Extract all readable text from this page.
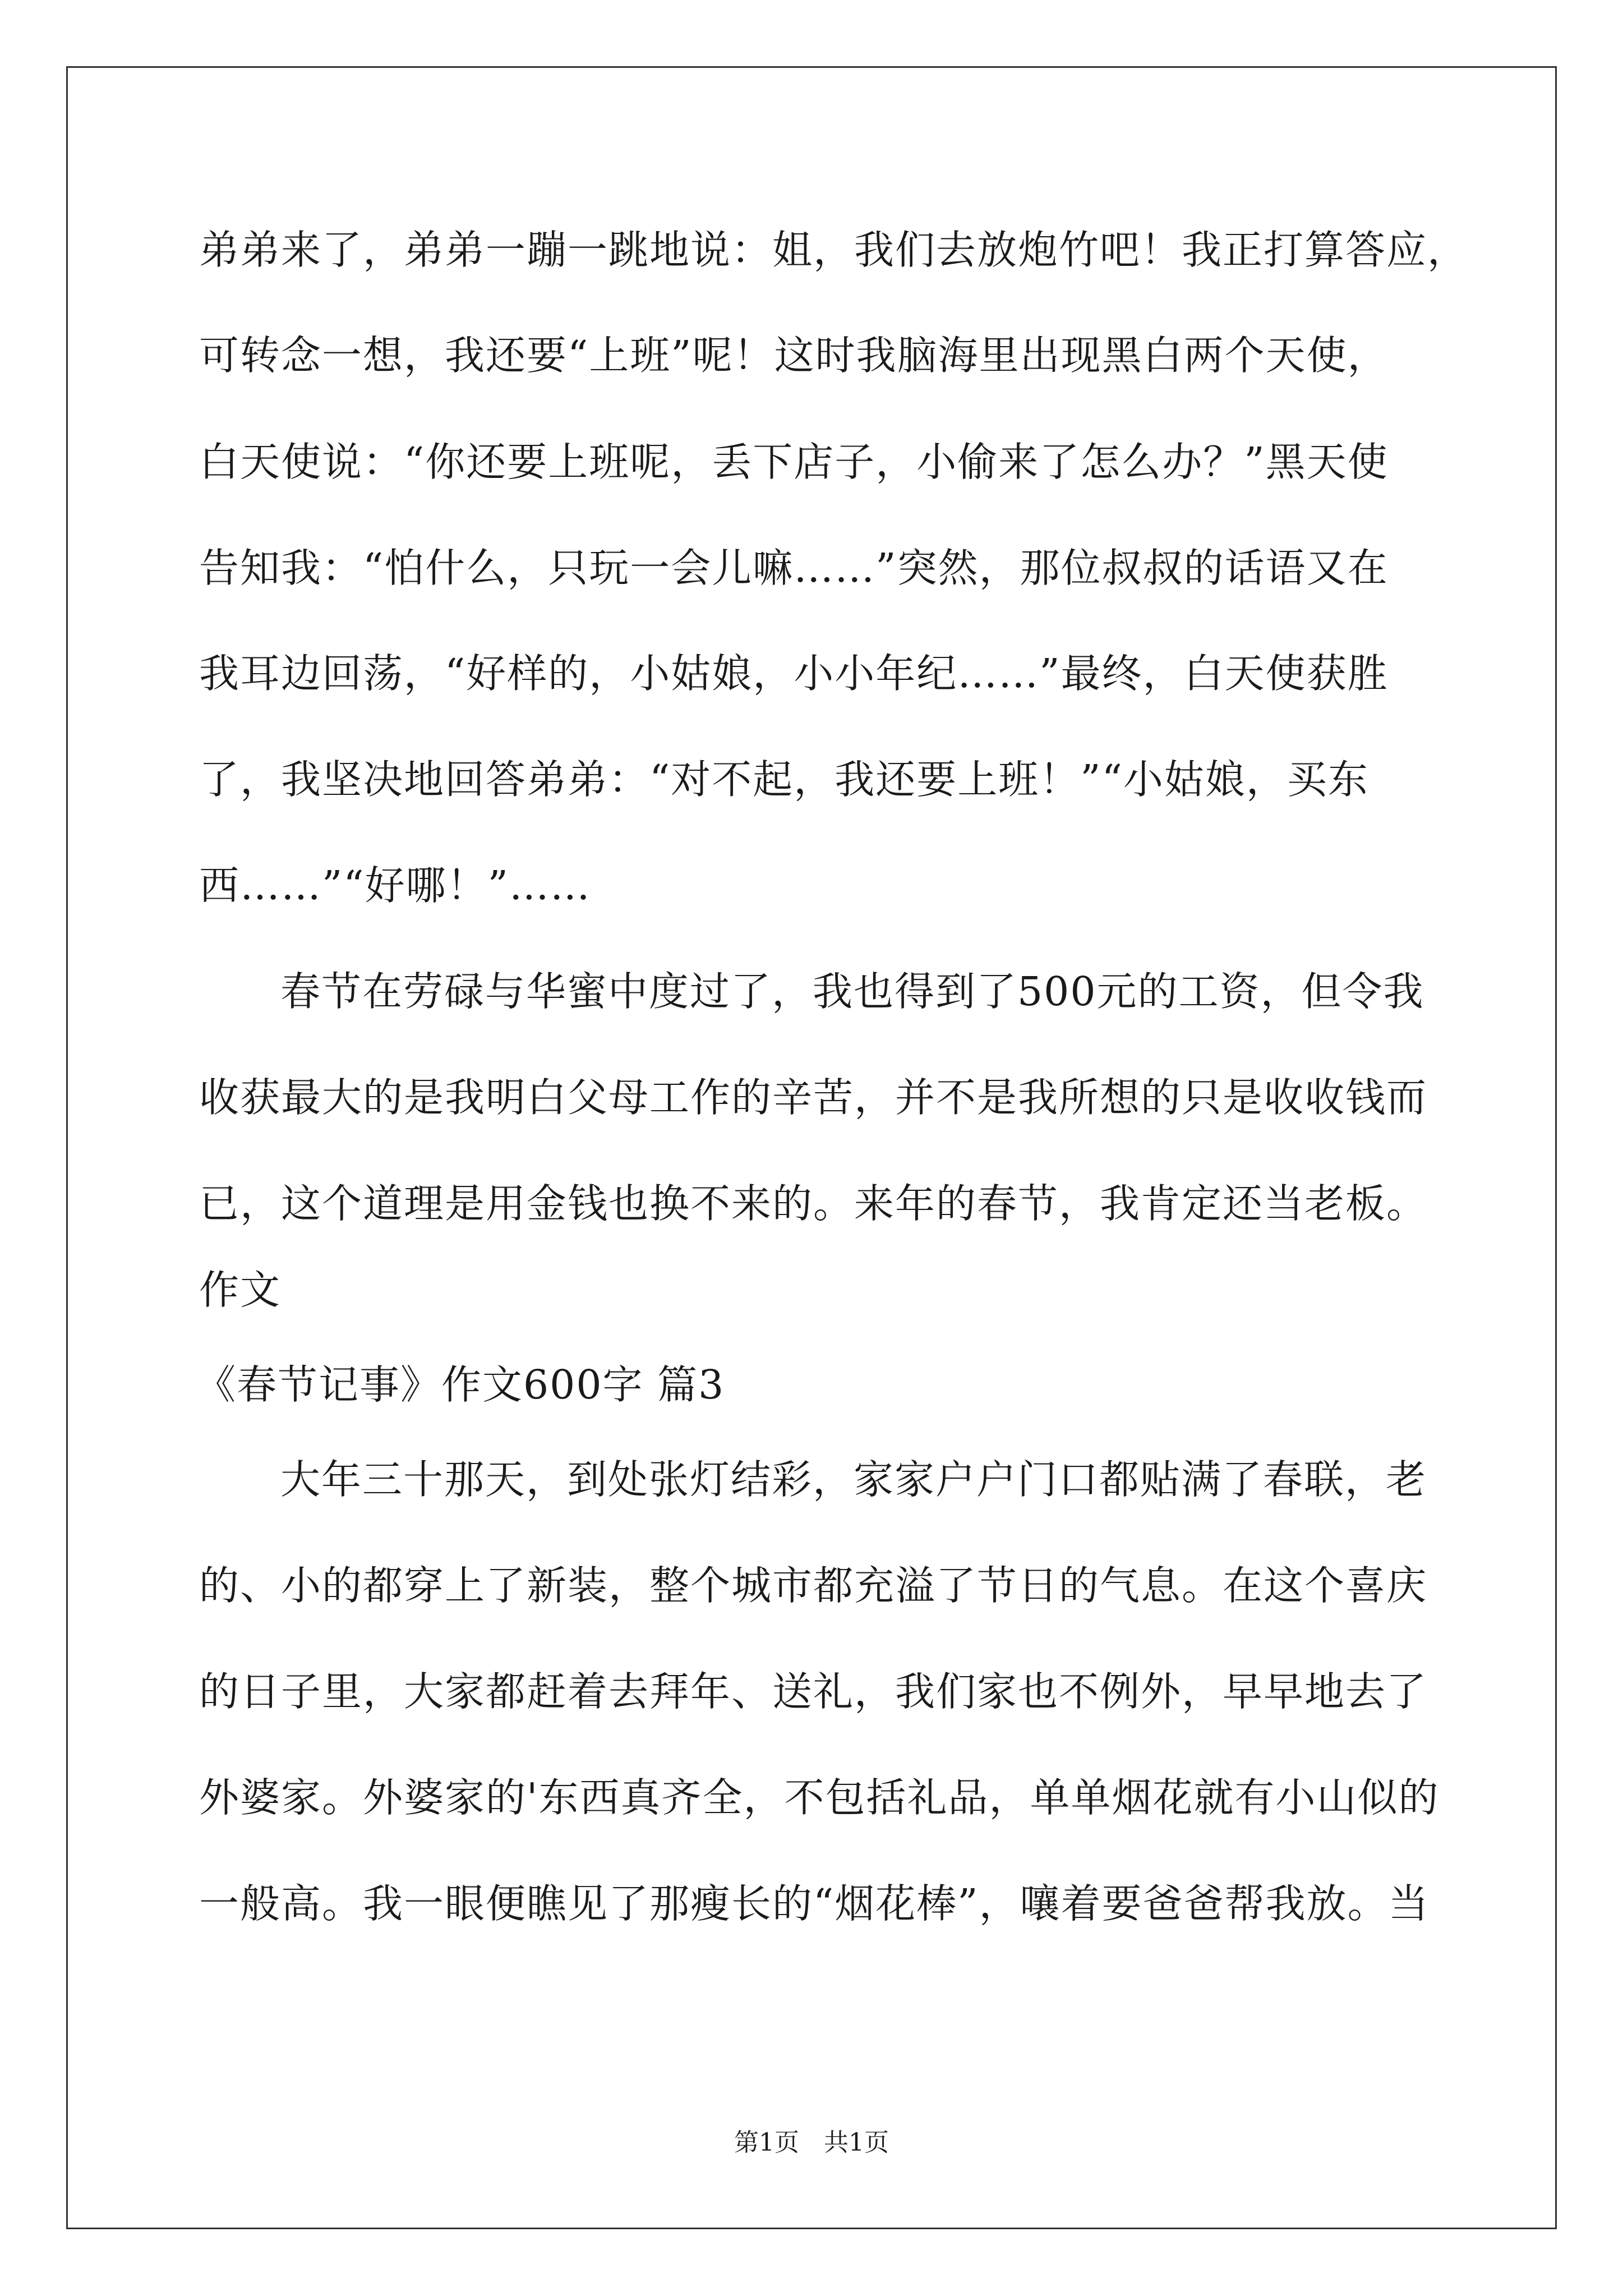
弟弟来了，弟弟一蹦一跳地说：姐，我们去放炮竹吧！我正打算答应，
可转念一想，我还要“上班”呢！这时我脑海里出现黑白两个天使，
白天使说：“你还要上班呢，丢下店子，小偷来了怎么办？”黑天使
告知我：“怕什么，只玩一会儿嘛……”突然，那位叔叔的话语又在
我耳边回荡，“好样的，小姑娘，小小年纪……”最终，白天使获胜
了，我坚决地回答弟弟：“对不起，我还要上班！”“小姑娘，买东
西……”“好哪！”……
春节在劳碌与华蜜中度过了，我也得到了500元的工资，但令我
收获最大的是我明白父母工作的辛苦，并不是我所想的只是收收钱而
已，这个道理是用金钱也换不来的。来年的春节，我肯定还当老板。
作文
《春节记事》作文600字 篇3
大年三十那天，到处张灯结彩，家家户户门口都贴满了春联，老
的、小的都穿上了新装，整个城市都充溢了节日的气息。在这个喜庆
的日子里，大家都赶着去拜年、送礼，我们家也不例外，早早地去了
外婆家。外婆家的'东西真齐全，不包括礼品，单单烟花就有小山似的
一般高。我一眼便瞧见了那瘦长的“烟花棒”，嚷着要爸爸帮我放。当
第1页 共1页
